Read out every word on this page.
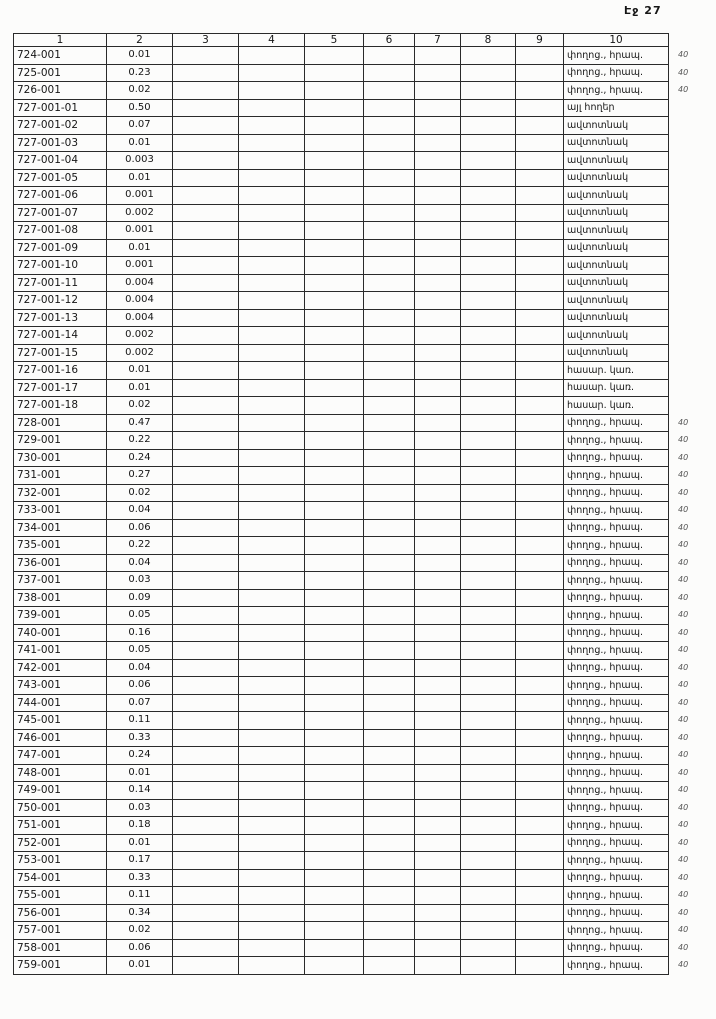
Էջ 27
1	2	3	4	5	6	7	8	9	10	
724-001	0.01								փողոց., հրապ.	40
725-001	0.23								փողոց., հրապ.	40
726-001	0.02								փողոց., հրապ.	40
727-001-01	0.50								այլ հողեր	
727-001-02	0.07								ավտոտնակ	
727-001-03	0.01								ավտոտնակ	
727-001-04	0.003								ավտոտնակ	
727-001-05	0.01								ավտոտնակ	
727-001-06	0.001								ավտոտնակ	
727-001-07	0.002								ավտոտնակ	
727-001-08	0.001								ավտոտնակ	
727-001-09	0.01								ավտոտնակ	
727-001-10	0.001								ավտոտնակ	
727-001-11	0.004								ավտոտնակ	
727-001-12	0.004								ավտոտնակ	
727-001-13	0.004								ավտոտնակ	
727-001-14	0.002								ավտոտնակ	
727-001-15	0.002								ավտոտնակ	
727-001-16	0.01								հասար. կառ.	
727-001-17	0.01								հասար. կառ.	
727-001-18	0.02								հասար. կառ.	
728-001	0.47								փողոց., հրապ.	40
729-001	0.22								փողոց., հրապ.	40
730-001	0.24								փողոց., հրապ.	40
731-001	0.27								փողոց., հրապ.	40
732-001	0.02								փողոց., հրապ.	40
733-001	0.04								փողոց., հրապ.	40
734-001	0.06								փողոց., հրապ.	40
735-001	0.22								փողոց., հրապ.	40
736-001	0.04								փողոց., հրապ.	40
737-001	0.03								փողոց., հրապ.	40
738-001	0.09								փողոց., հրապ.	40
739-001	0.05								փողոց., հրապ.	40
740-001	0.16								փողոց., հրապ.	40
741-001	0.05								փողոց., հրապ.	40
742-001	0.04								փողոց., հրապ.	40
743-001	0.06								փողոց., հրապ.	40
744-001	0.07								փողոց., հրապ.	40
745-001	0.11								փողոց., հրապ.	40
746-001	0.33								փողոց., հրապ.	40
747-001	0.24								փողոց., հրապ.	40
748-001	0.01								փողոց., հրապ.	40
749-001	0.14								փողոց., հրապ.	40
750-001	0.03								փողոց., հրապ.	40
751-001	0.18								փողոց., հրապ.	40
752-001	0.01								փողոց., հրապ.	40
753-001	0.17								փողոց., հրապ.	40
754-001	0.33								փողոց., հրապ.	40
755-001	0.11								փողոց., հրապ.	40
756-001	0.34								փողոց., հրապ.	40
757-001	0.02								փողոց., հրապ.	40
758-001	0.06								փողոց., հրապ.	40
759-001	0.01								փողոց., հրապ.	40
